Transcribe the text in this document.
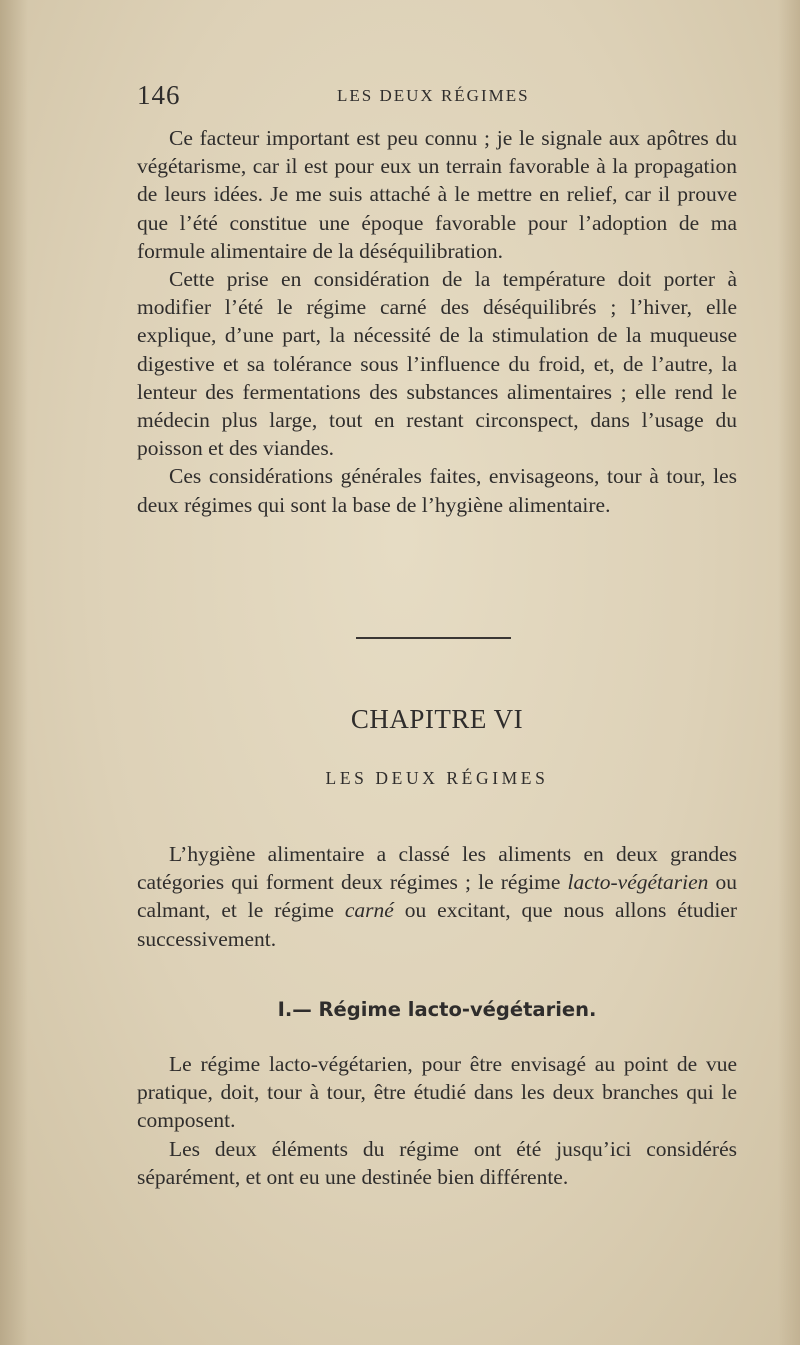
146	LES DEUX RÉGIMES

Ce facteur important est peu connu ; je le signale aux apôtres du végétarisme, car il est pour eux un terrain favorable à la propagation de leurs idées. Je me suis attaché à le mettre en relief, car il prouve que l’été constitue une époque favorable pour l’adoption de ma formule alimentaire de la déséquilibration.

Cette prise en considération de la température doit porter à modifier l’été le régime carné des déséquilibrés ; l’hiver, elle explique, d’une part, la nécessité de la stimulation de la muqueuse digestive et sa tolérance sous l’influence du froid, et, de l’autre, la lenteur des fermentations des substances alimentaires ; elle rend le médecin plus large, tout en restant circonspect, dans l’usage du poisson et des viandes.

Ces considérations générales faites, envisageons, tour à tour, les deux régimes qui sont la base de l’hygiène alimentaire.

CHAPITRE VI
LES DEUX RÉGIMES

L’hygiène alimentaire a classé les aliments en deux grandes catégories qui forment deux régimes ; le régime lacto-végétarien ou calmant, et le régime carné ou excitant, que nous allons étudier successivement.

I.— Régime lacto-végétarien.

Le régime lacto-végétarien, pour être envisagé au point de vue pratique, doit, tour à tour, être étudié dans les deux branches qui le composent.

Les deux éléments du régime ont été jusqu’ici considérés séparément, et ont eu une destinée bien différente.
